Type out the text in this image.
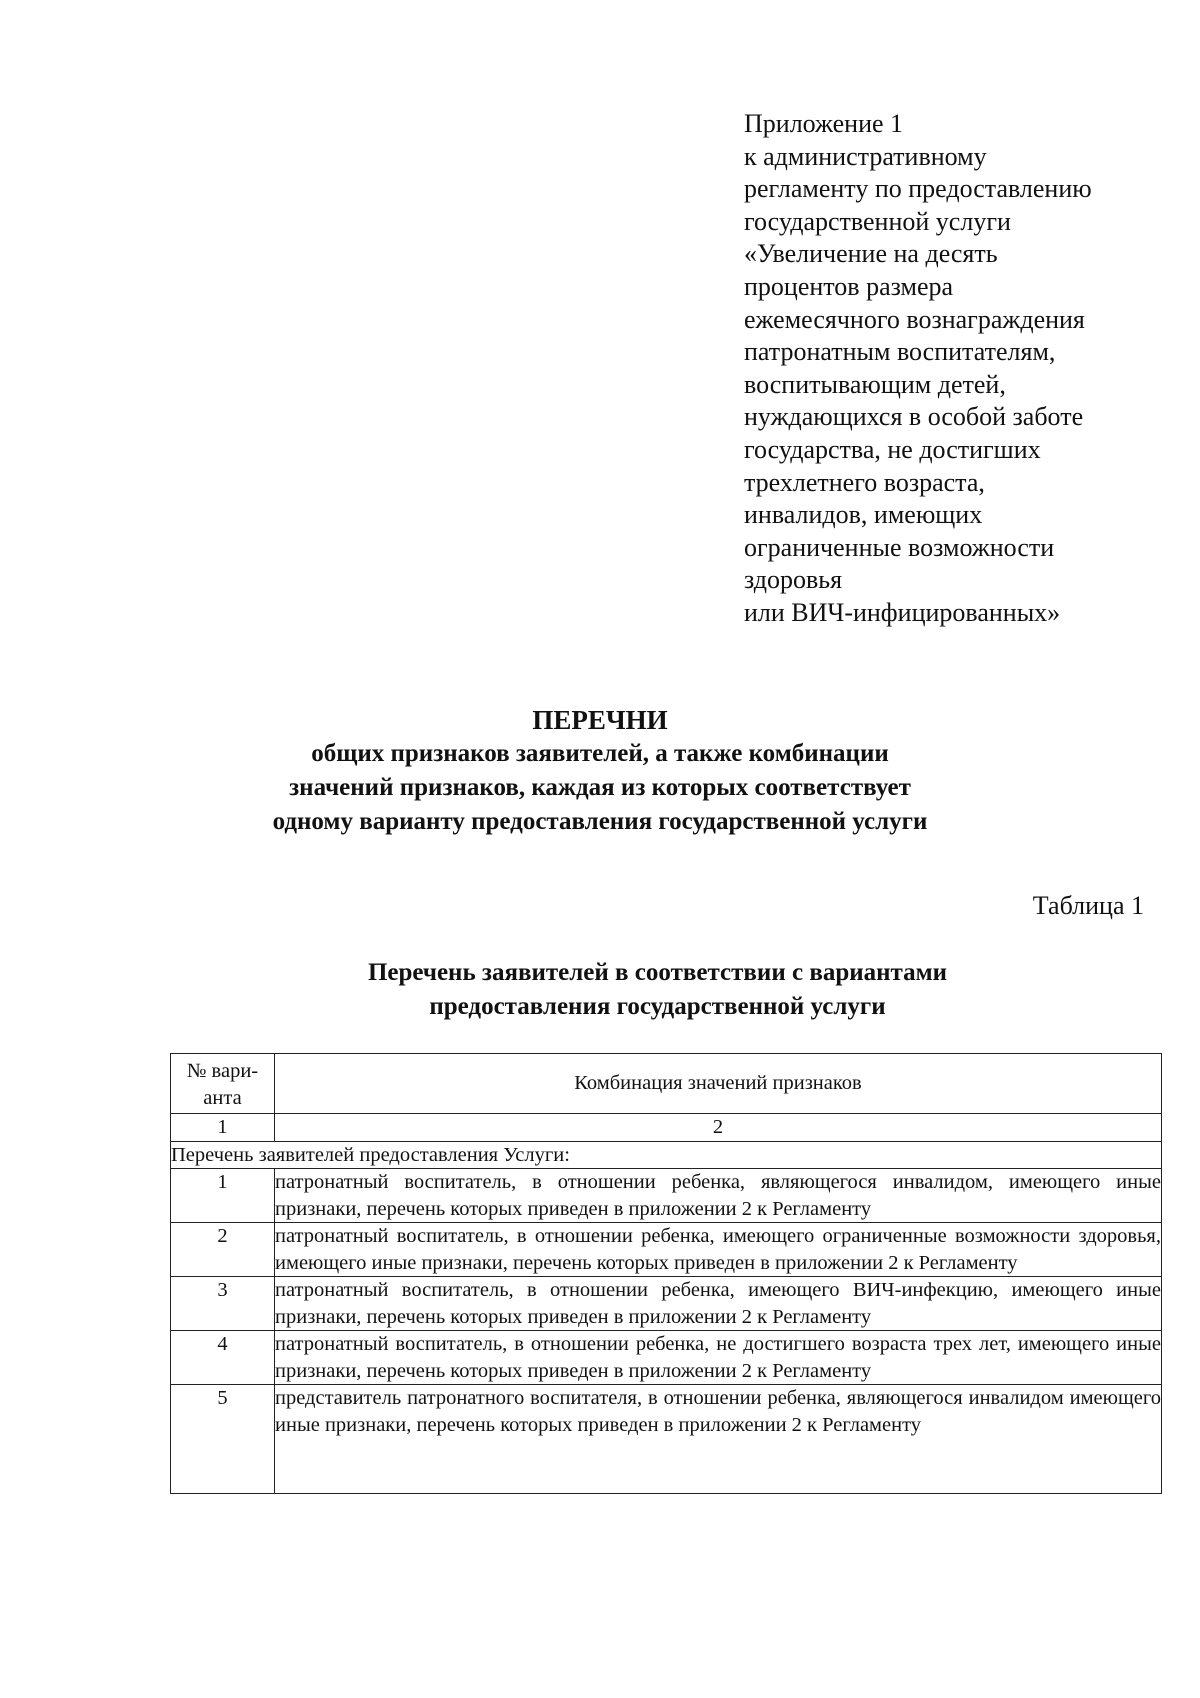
Приложение 1
к административному
регламенту по предоставлению
государственной услуги
«Увеличение на десять
процентов размера
ежемесячного вознаграждения
патронатным воспитателям,
воспитывающим детей,
нуждающихся в особой заботе
государства, не достигших
трехлетнего возраста,
инвалидов, имеющих
ограниченные возможности
здоровья
или ВИЧ-инфицированных»
ПЕРЕЧНИ
общих признаков заявителей, а также комбинации
значений признаков, каждая из которых соответствует
одному варианту предоставления государственной услуги
Таблица 1
Перечень заявителей в соответствии с вариантами
предоставления государственной услуги
№ вари-
анта	Комбинация значений признаков
1	2
Перечень заявителей предоставления Услуги:	
1	патронатный воспитатель, в отношении ребенка, являющегося инвалидом, имеющего иные признаки, перечень которых приведен в приложении 2 к Регламенту
2	патронатный воспитатель, в отношении ребенка, имеющего ограниченные возможности здоровья, имеющего иные признаки, перечень которых приведен в приложении 2 к Регламенту
3	патронатный воспитатель, в отношении ребенка, имеющего ВИЧ-инфекцию, имеющего иные признаки, перечень которых приведен в приложении 2 к Регламенту
4	патронатный воспитатель, в отношении ребенка, не достигшего возраста трех лет, имеющего иные признаки, перечень которых приведен в приложении 2 к Регламенту
5	представитель патронатного воспитателя, в отношении ребенка, являющегося инвалидом имеющего иные признаки, перечень которых приведен в приложении 2 к Регламенту
